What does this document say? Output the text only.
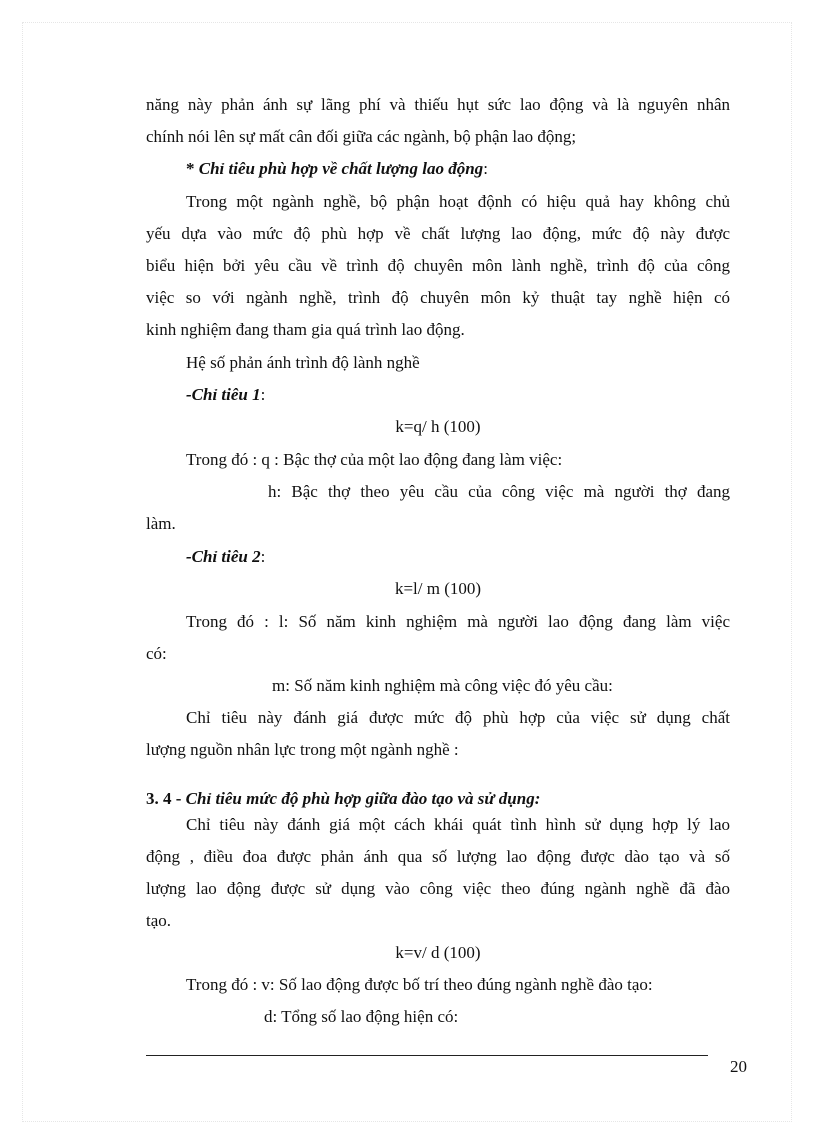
năng này phản ánh sự lãng phí và thiếu hụt sức lao động và là nguyên nhân
chính nói lên sự mất cân đối giữa các ngành, bộ phận lao động;
* Chỉ tiêu phù hợp về chất lượng lao động:
Trong một ngành nghề, bộ phận hoạt độnh có hiệu quả hay không chủ
yếu dựa vào mức độ phù hợp về chất lượng lao động, mức độ này được
biểu hiện bởi yêu cầu về trình độ chuyên môn lành nghề, trình độ của công
việc so với ngành nghề, trình độ chuyên môn kỷ thuật tay nghề hiện có
kinh nghiệm đang tham gia quá trình lao động.
Hệ số phản ánh trình độ lành nghề
-Chỉ tiêu 1:
k=q/ h (100)
Trong đó : q : Bậc thợ của một lao động đang làm việc:
h: Bậc thợ theo yêu cầu của công việc mà người thợ đang
làm.
-Chỉ tiêu 2:
k=l/ m (100)
Trong đó : l: Số năm kinh nghiệm mà người lao động đang làm việc
có:
m: Số năm kinh nghiệm mà công việc đó yêu cầu:
Chỉ tiêu này đánh giá được mức độ phù hợp của việc sử dụng chất
lượng nguồn nhân lực trong một ngành nghề :
3. 4 - Chỉ tiêu mức độ phù hợp giữa đào tạo và sử dụng:
Chỉ tiêu này đánh giá một cách khái quát tình hình sử dụng hợp lý lao
động , điều đoa được phản ánh qua số lượng lao động được dào tạo và số
lượng lao động được sử dụng vào công việc theo đúng ngành nghề đã đào
tạo.
k=v/ d (100)
Trong đó : v: Số lao động được bố trí theo đúng ngành nghề đào tạo:
d: Tổng số lao động hiện có:
20
